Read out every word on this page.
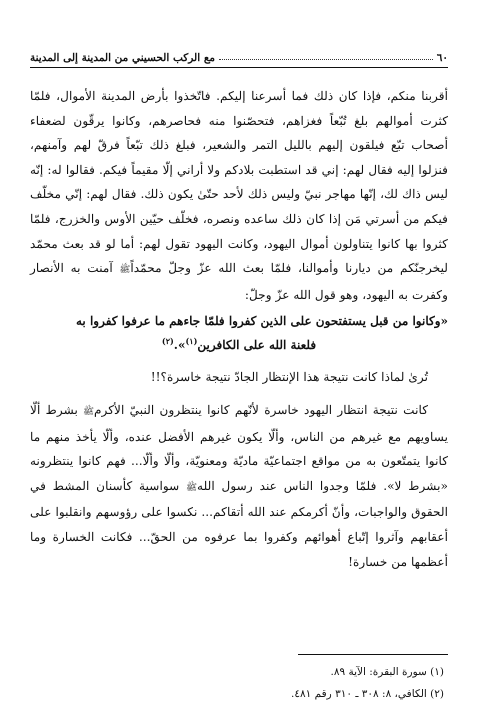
٦٠
مع الركب الحسيني من المدينة إلى المدينة

أقربنا منكم، فإذا كان ذلك فما أسرعنا إليكم. فاتّخذوا بأرض المدينة الأموال، فلمّا كثرت أموالهم بلغ تُبّعاً فغزاهم، فتحصّنوا منه فحاصرهم، وكانوا يرقّون لضعفاء أصحاب تبّع فيلقون إليهم بالليل التمر والشعير، فبلغ ذلك تبّعاً فرقّ لهم وآمنهم، فنزلوا إليه فقال لهم: إني قد استطبت بلادكم ولا أراني إلّا مقيماً فيكم. فقالوا له: إنّه ليس ذاك لك، إنّها مهاجر نبيّ وليس ذلك لأحد حتّىٰ يكون ذلك. فقال لهم: إنّي مخلّف فيكم من أسرتي مَن إذا كان ذلك ساعده ونصره، فخلّف حيّين الأوس والخزرج، فلمّا كثروا بها كانوا يتناولون أموال اليهود، وكانت اليهود تقول لهم: أما لو قد بعث محمّد ليخرجنّكم من ديارنا وأموالنا، فلمّا بعث الله عزّ وجلّ محمّداًﷺ آمنت به الأنصار وكفرت به اليهود، وهو قول الله عزّ وجلّ:

«وكانوا من قبل يستفتحون على الذين كفروا فلمّا جاءهم ما عرفوا كفروا به
فلعنة الله على الكافرين$^{(١)}$».$^{(٢)}$

تُرىٰ لماذا كانت نتيجة هذا الإنتظار الجادّ نتيجة خاسرة؟!!

كانت نتيجة انتظار اليهود خاسرة لأنّهم كانوا ينتظرون النبيّ الأكرمﷺ بشرط ألّا يساويهم مع غيرهم من الناس، وألّا يكون غيرهم الأفضل عنده، وألّا يأخذ منهم ما كانوا يتمتّعون به من مواقع اجتماعيّة ماديّة ومعنويّة، وألّا وألّا... فهم كانوا ينتظرونه «بشرط لا». فلمّا وجدوا الناس عند رسول اللهﷺ سواسية كأسنان المشط في الحقوق والواجبات، وأنّ أكرمكم عند الله أتقاكم... نكسوا على رؤوسهم وانقلبوا على أعقابهم وآثروا إتّباع أهوائهم وكفروا بما عرفوه من الحقّ... فكانت الخسارة وما أعظمها من خسارة!

(١) سورة البقرة: الآية ٨٩.
(٢) الكافي، ٨: ٣٠٨ ـ ٣١٠ رقم ٤٨١.
